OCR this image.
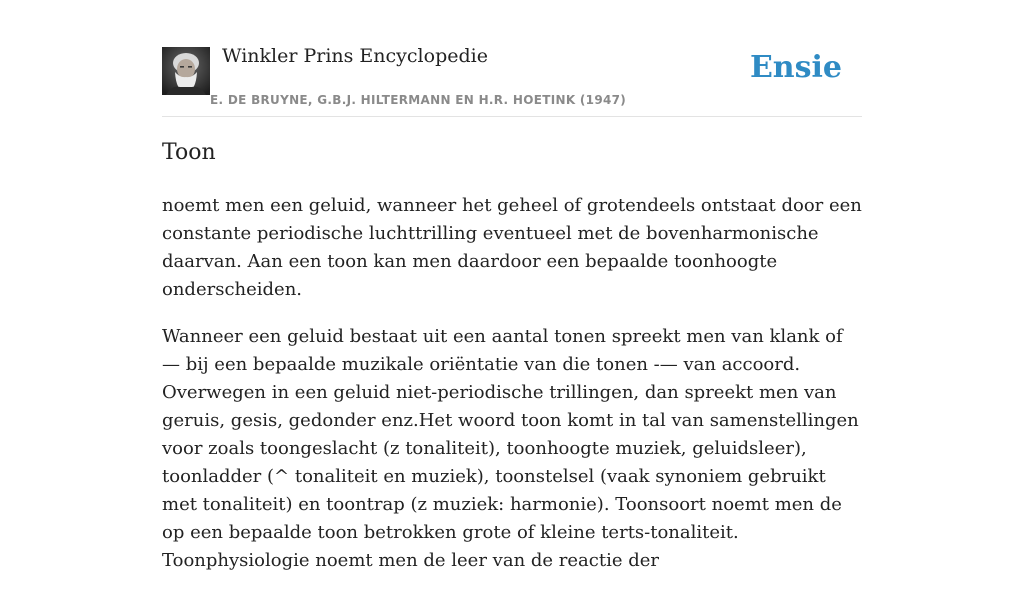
Winkler Prins Encyclopedie
E. DE BRUYNE, G.B.J. HILTERMANN EN H.R. HOETINK (1947)
Ensie
Toon

noemt men een geluid, wanneer het geheel of grotendeels ontstaat door een constante periodische luchttrilling eventueel met de bovenharmonische daarvan. Aan een toon kan men daardoor een bepaalde toonhoogte onderscheiden.

Wanneer een geluid bestaat uit een aantal tonen spreekt men van klank of — bij een bepaalde muzikale oriëntatie van die tonen -— van accoord. Overwegen in een geluid niet-periodische trillingen, dan spreekt men van geruis, gesis, gedonder enz.Het woord toon komt in tal van samenstellingen voor zoals toongeslacht (z tonaliteit), toonhoogte muziek, geluidsleer), toonladder (^ tonaliteit en muziek), toonstelsel (vaak synoniem gebruikt met tonaliteit) en toontrap (z muziek: harmonie). Toonsoort noemt men de op een bepaalde toon betrokken grote of kleine terts-tonaliteit. Toonphysiologie noemt men de leer van de reactie der
